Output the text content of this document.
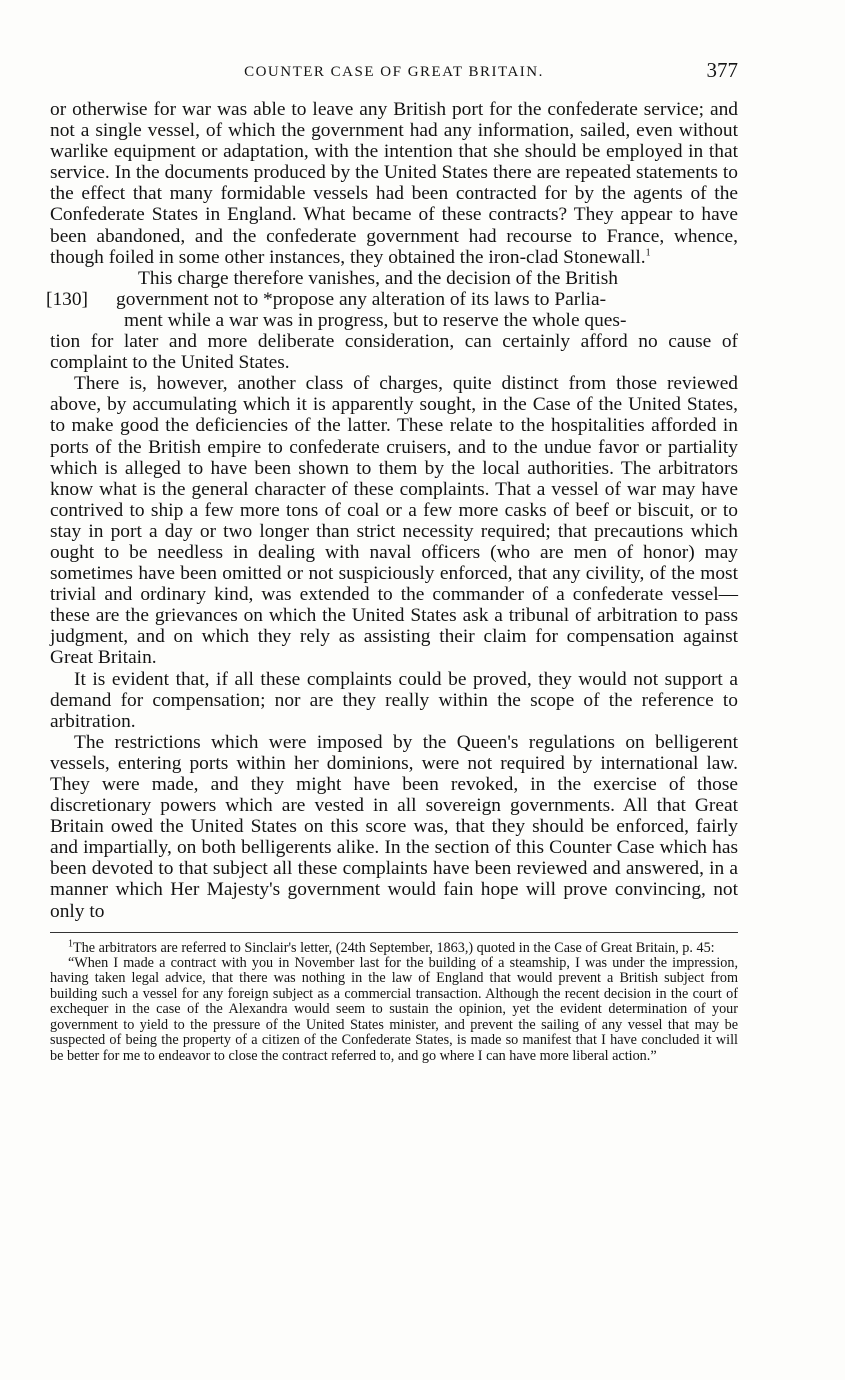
COUNTER CASE OF GREAT BRITAIN.	377

or otherwise for war was able to leave any British port for the confederate service; and not a single vessel, of which the government had any information, sailed, even without warlike equipment or adaptation, with the intention that she should be employed in that service. In the documents produced by the United States there are repeated statements to the effect that many formidable vessels had been contracted for by the agents of the Confederate States in England. What became of these contracts? They appear to have been abandoned, and the confederate government had recourse to France, whence, though foiled in some other instances, they obtained the iron-clad Stonewall.$^1$

This charge therefore vanishes, and the decision of the British

[130]	government not to *propose any alteration of its laws to Parlia-
ment while a war was in progress, but to reserve the whole ques-

tion for later and more deliberate consideration, can certainly afford no cause of complaint to the United States.

There is, however, another class of charges, quite distinct from those reviewed above, by accumulating which it is apparently sought, in the Case of the United States, to make good the deficiencies of the latter. These relate to the hospitalities afforded in ports of the British empire to confederate cruisers, and to the undue favor or partiality which is alleged to have been shown to them by the local authorities. The arbitrators know what is the general character of these complaints. That a vessel of war may have contrived to ship a few more tons of coal or a few more casks of beef or biscuit, or to stay in port a day or two longer than strict necessity required; that precautions which ought to be needless in dealing with naval officers (who are men of honor) may sometimes have been omitted or not suspiciously enforced, that any civility, of the most trivial and ordinary kind, was extended to the commander of a confederate vessel—these are the grievances on which the United States ask a tribunal of arbitration to pass judgment, and on which they rely as assisting their claim for compensation against Great Britain.

It is evident that, if all these complaints could be proved, they would not support a demand for compensation; nor are they really within the scope of the reference to arbitration.

The restrictions which were imposed by the Queen's regulations on belligerent vessels, entering ports within her dominions, were not required by international law. They were made, and they might have been revoked, in the exercise of those discretionary powers which are vested in all sovereign governments. All that Great Britain owed the United States on this score was, that they should be enforced, fairly and impartially, on both belligerents alike. In the section of this Counter Case which has been devoted to that subject all these complaints have been reviewed and answered, in a manner which Her Majesty's government would fain hope will prove convincing, not only to

$^1$The arbitrators are referred to Sinclair's letter, (24th September, 1863,) quoted in the Case of Great Britain, p. 45:

“When I made a contract with you in November last for the building of a steamship, I was under the impression, having taken legal advice, that there was nothing in the law of England that would prevent a British subject from building such a vessel for any foreign subject as a commercial transaction. Although the recent decision in the court of exchequer in the case of the Alexandra would seem to sustain the opinion, yet the evident determination of your government to yield to the pressure of the United States minister, and prevent the sailing of any vessel that may be suspected of being the property of a citizen of the Confederate States, is made so manifest that I have concluded it will be better for me to endeavor to close the contract referred to, and go where I can have more liberal action.”
